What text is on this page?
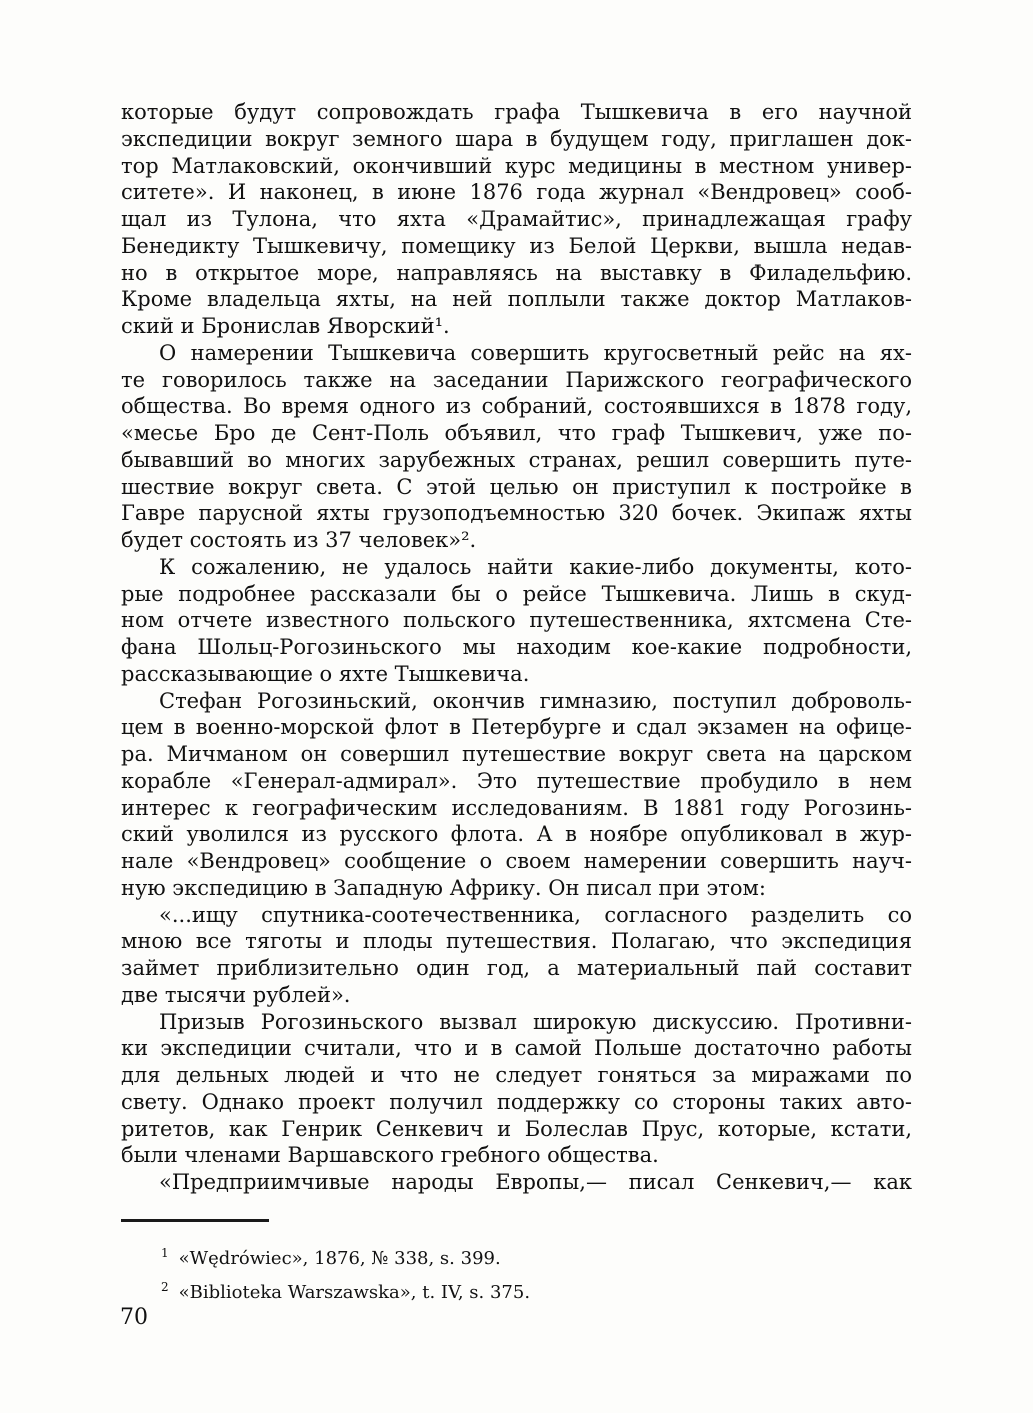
которые будут сопровождать графа Тышкевича в его научной
экспедиции вокруг земного шара в будущем году, приглашен док-
тор Матлаковский, окончивший курс медицины в местном универ-
ситете». И наконец, в июне 1876 года журнал «Вендровец» сооб-
щал из Тулона, что яхта «Драмайтис», принадлежащая графу
Бенедикту Тышкевичу, помещику из Белой Церкви, вышла недав-
но в открытое море, направляясь на выставку в Филадельфию.
Кроме владельца яхты, на ней поплыли также доктор Матлаков-
ский и Бронислав Яворский¹.
О намерении Тышкевича совершить кругосветный рейс на ях-
те говорилось также на заседании Парижского географического
общества. Во время одного из собраний, состоявшихся в 1878 году,
«месье Бро де Сент-Поль объявил, что граф Тышкевич, уже по-
бывавший во многих зарубежных странах, решил совершить путе-
шествие вокруг света. С этой целью он приступил к постройке в
Гавре парусной яхты грузоподъемностью 320 бочек. Экипаж яхты
будет состоять из 37 человек»².
К сожалению, не удалось найти какие-либо документы, кото-
рые подробнее рассказали бы о рейсе Тышкевича. Лишь в скуд-
ном отчете известного польского путешественника, яхтсмена Сте-
фана Шольц-Рогозиньского мы находим кое-какие подробности,
рассказывающие о яхте Тышкевича.
Стефан Рогозиньский, окончив гимназию, поступил доброволь-
цем в военно-морской флот в Петербурге и сдал экзамен на офице-
ра. Мичманом он совершил путешествие вокруг света на царском
корабле «Генерал-адмирал». Это путешествие пробудило в нем
интерес к географическим исследованиям. В 1881 году Рогозинь-
ский уволился из русского флота. А в ноябре опубликовал в жур-
нале «Вендровец» сообщение о своем намерении совершить науч-
ную экспедицию в Западную Африку. Он писал при этом:
«...ищу спутника-соотечественника, согласного разделить со
мною все тяготы и плоды путешествия. Полагаю, что экспедиция
займет приблизительно один год, а материальный пай составит
две тысячи рублей».
Призыв Рогозиньского вызвал широкую дискуссию. Противни-
ки экспедиции считали, что и в самой Польше достаточно работы
для дельных людей и что не следует гоняться за миражами по
свету. Однако проект получил поддержку со стороны таких авто-
ритетов, как Генрик Сенкевич и Болеслав Прус, которые, кстати,
были членами Варшавского гребного общества.
«Предприимчивые народы Европы,— писал Сенкевич,— как
$^1$ «Wędrówiec», 1876, № 338, s. 399.
$^2$ «Biblioteka Warszawska», t. IV, s. 375.
70
